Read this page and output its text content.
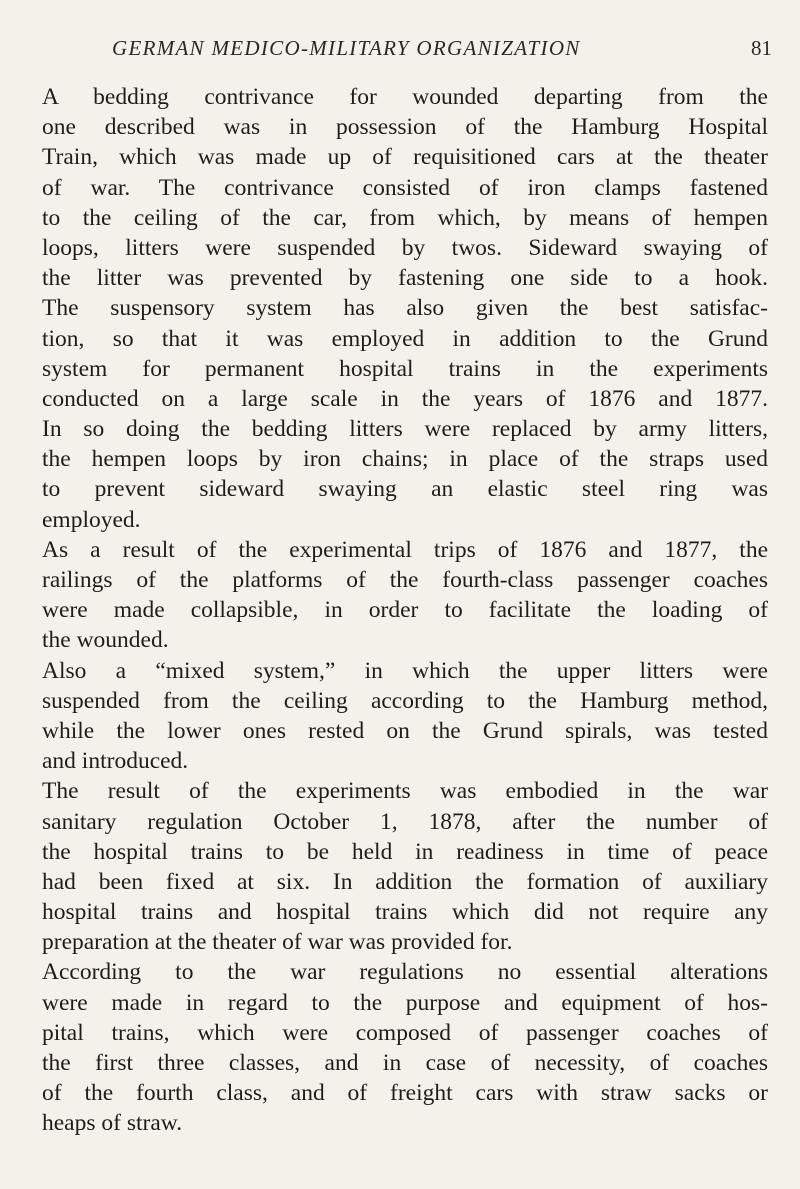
GERMAN MEDICO-MILITARY ORGANIZATION	81
A bedding contrivance for wounded departing from the
one described was in possession of the Hamburg Hospital
Train, which was made up of requisitioned cars at the theater
of war. The contrivance consisted of iron clamps fastened
to the ceiling of the car, from which, by means of hempen
loops, litters were suspended by twos. Sideward swaying of
the litter was prevented by fastening one side to a hook.
The suspensory system has also given the best satisfac-
tion, so that it was employed in addition to the Grund
system for permanent hospital trains in the experiments
conducted on a large scale in the years of 1876 and 1877.
In so doing the bedding litters were replaced by army litters,
the hempen loops by iron chains; in place of the straps used
to prevent sideward swaying an elastic steel ring was
employed.
As a result of the experimental trips of 1876 and 1877, the
railings of the platforms of the fourth-class passenger coaches
were made collapsible, in order to facilitate the loading of
the wounded.
Also a “mixed system,” in which the upper litters were
suspended from the ceiling according to the Hamburg method,
while the lower ones rested on the Grund spirals, was tested
and introduced.
The result of the experiments was embodied in the war
sanitary regulation October 1, 1878, after the number of
the hospital trains to be held in readiness in time of peace
had been fixed at six. In addition the formation of auxiliary
hospital trains and hospital trains which did not require any
preparation at the theater of war was provided for.
According to the war regulations no essential alterations
were made in regard to the purpose and equipment of hos-
pital trains, which were composed of passenger coaches of
the first three classes, and in case of necessity, of coaches
of the fourth class, and of freight cars with straw sacks or
heaps of straw.
